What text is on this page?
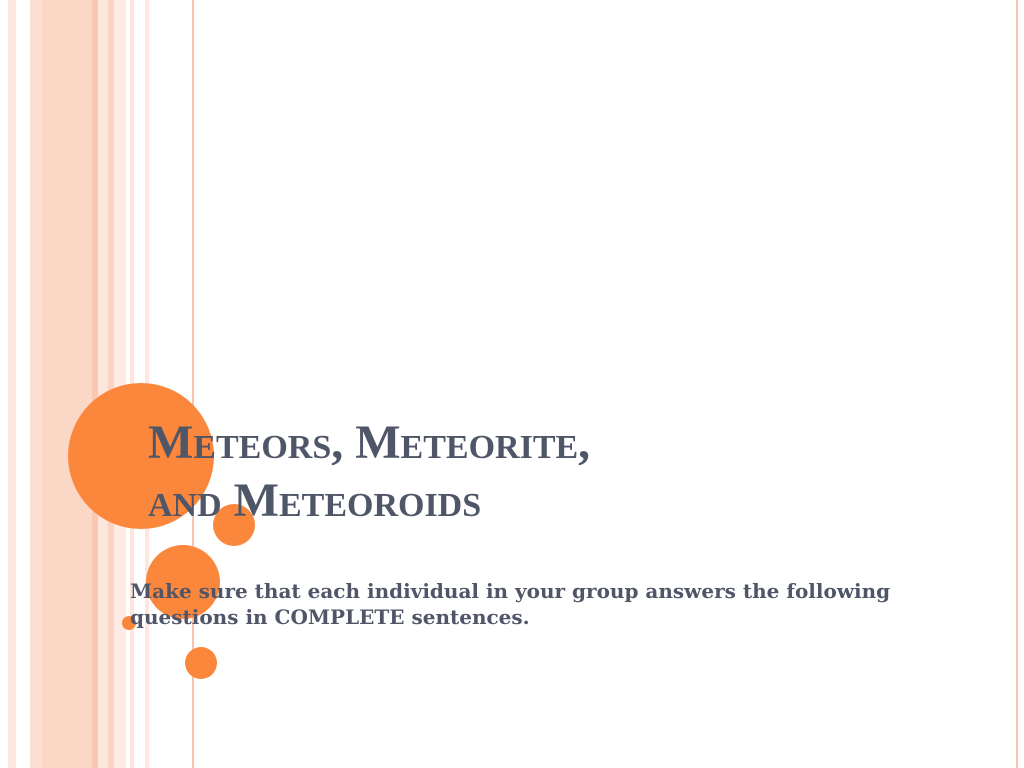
Meteors, Meteorite,
and Meteoroids

Make sure that each individual in your group answers the following questions in COMPLETE sentences.
